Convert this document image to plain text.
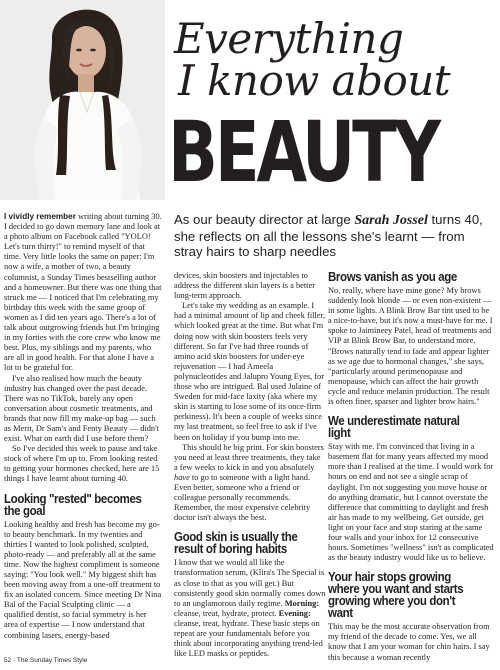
Everything
I know about
BEAUTY
As our beauty director at large Sarah Jossel turns 40, she reflects on all the lessons she's learnt — from stray hairs to sharp needles

I vividly remember writing about turning 30. I decided to go down memory lane and look at a photo album on Facebook called "YOLO! Let's turn thirty!" to remind myself of that time. Very little looks the same on paper: I'm now a wife, a mother of two, a beauty columnist, a Sunday Times bestselling author and a homeowner. But there was one thing that struck me — I noticed that I'm celebrating my birthday this week with the same group of women as I did ten years ago. There's a lot of talk about outgrowing friends but I'm bringing in my forties with the core crew who know me best. Plus, my siblings and my parents, who are all in good health. For that alone I have a lot to be grateful for.

I've also realised how much the beauty industry has changed over the past decade. There was no TikTok, barely any open conversation about cosmetic treatments, and brands that now fill my make-up bag — such as Merit, Dr Sam's and Fenty Beauty — didn't exist. What on earth did I use before them?

So I've decided this week to pause and take stock of where I'm up to. From looking rested to getting your hormones checked, here are 15 things I have learnt about turning 40.

Looking "rested" becomes the goal

Looking healthy and fresh has become my go-to beauty benchmark. In my twenties and thirties I wanted to look polished, sculpted, photo-ready — and preferably all at the same time. Now the highest compliment is someone saying: "You look well." My biggest shift has been moving away from a one-off treatment to fix an isolated concern. Since meeting Dr Nina Bal of the Facial Sculpting clinic — a qualified dentist, so facial symmetry is her area of expertise — I now understand that combining lasers, energy-based

devices, skin boosters and injectables to address the different skin layers is a better long-term approach.

Let's take my wedding as an example. I had a minimal amount of lip and cheek filler, which looked great at the time. But what I'm doing now with skin boosters feels very different. So far I've had three rounds of amino acid skin boosters for under-eye rejuvenation — I had Ameela polynucleotides and Jalupro Young Eyes, for those who are intrigued. Bal used Julaine of Sweden for mid-face laxity (aka where my skin is starting to lose some of its once-firm perkiness). It's been a couple of weeks since my last treatment, so feel free to ask if I've been on holiday if you bump into me.

This should be big print. For skin boosters you need at least three treatments, they take a few weeks to kick in and you absolutely have to go to someone with a light hand. Even better, someone who a friend or colleague personally recommends. Remember, the most expensive celebrity doctor isn't always the best.

Good skin is usually the result of boring habits

I know that we would all like the transformation serum, (Klira's The Special is as close to that as you will get.) But consistently good skin normally comes down to an unglamorous daily regime. Morning: cleanse, treat, hydrate, protect. Evening: cleanse, treat, hydrate. These basic steps on repeat are your fundamentals before you think about incorporating anything trend-led like LED masks or peptides.

Brows vanish as you age

No, really, where have mine gone? My brows suddenly look blonde — or even non-existent — in some lights. A Blink Brow Bar tint used to be a nice-to-have, but it's now a must-have for me. I spoke to Jaimineey Patel, head of treatments and VIP at Blink Brow Bar, to understand more. "Brows naturally tend to fade and appear lighter as we age due to hormonal changes," she says, "particularly around perimenopause and menopause, which can affect the hair growth cycle and reduce melanin production. The result is often finer, sparser and lighter brow hairs."

We underestimate natural light

Stay with me. I'm convinced that living in a basement flat for many years affected my mood more than I realised at the time. I would work for hours on end and not see a single scrap of daylight. I'm not suggesting you move house or do anything dramatic, but I cannot overstate the difference that committing to daylight and fresh air has made to my wellbeing. Get outside, get light on your face and stop staring at the same four walls and your inbox for 12 consecutive hours. Sometimes "wellness" isn't as complicated as the beauty industry would like us to believe.

Your hair stops growing where you want and starts growing where you don't want

This may be the most accurate observation from my friend of the decade to come. Yes, we all know that I am your woman for chin hairs. I say this because a woman recently

52 · The Sunday Times Style
